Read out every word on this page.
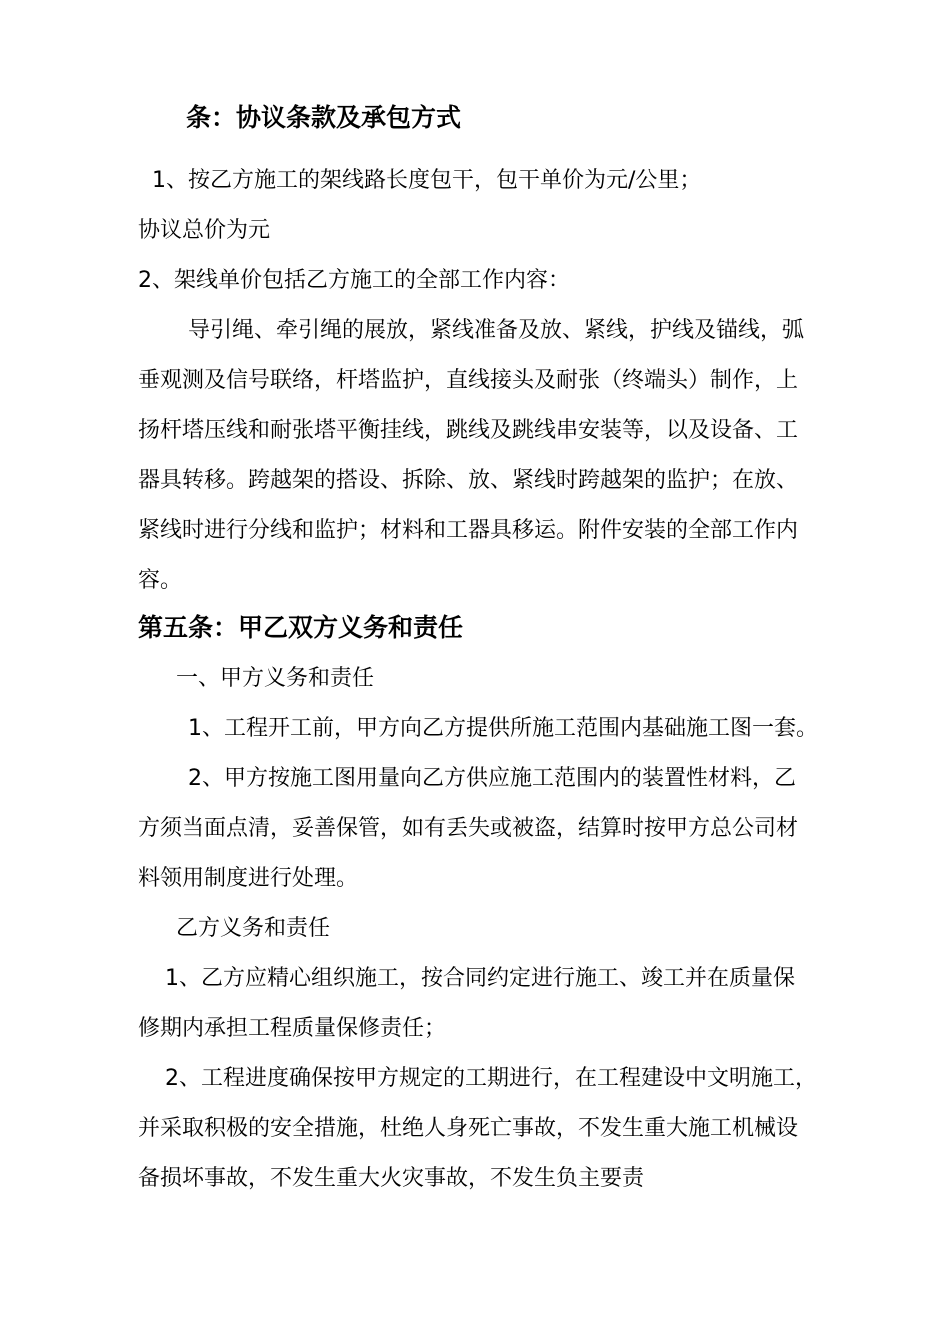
条：协议条款及承包方式
1、按乙方施工的架线路长度包干，包干单价为元/公里；
协议总价为元
2、架线单价包括乙方施工的全部工作内容：
导引绳、牵引绳的展放，紧线准备及放、紧线，护线及锚线，弧
垂观测及信号联络，杆塔监护，直线接头及耐张（终端头）制作，上
扬杆塔压线和耐张塔平衡挂线，跳线及跳线串安装等，以及设备、工
器具转移。跨越架的搭设、拆除、放、紧线时跨越架的监护；在放、
紧线时进行分线和监护；材料和工器具移运。附件安装的全部工作内
容。
第五条：甲乙双方义务和责任
一、甲方义务和责任
1、工程开工前，甲方向乙方提供所施工范围内基础施工图一套。
2、甲方按施工图用量向乙方供应施工范围内的装置性材料，乙
方须当面点清，妥善保管，如有丢失或被盗，结算时按甲方总公司材
料领用制度进行处理。
乙方义务和责任
1、乙方应精心组织施工，按合同约定进行施工、竣工并在质量保
修期内承担工程质量保修责任；
2、工程进度确保按甲方规定的工期进行，在工程建设中文明施工，
并采取积极的安全措施，杜绝人身死亡事故，不发生重大施工机械设
备损坏事故，不发生重大火灾事故，不发生负主要责
